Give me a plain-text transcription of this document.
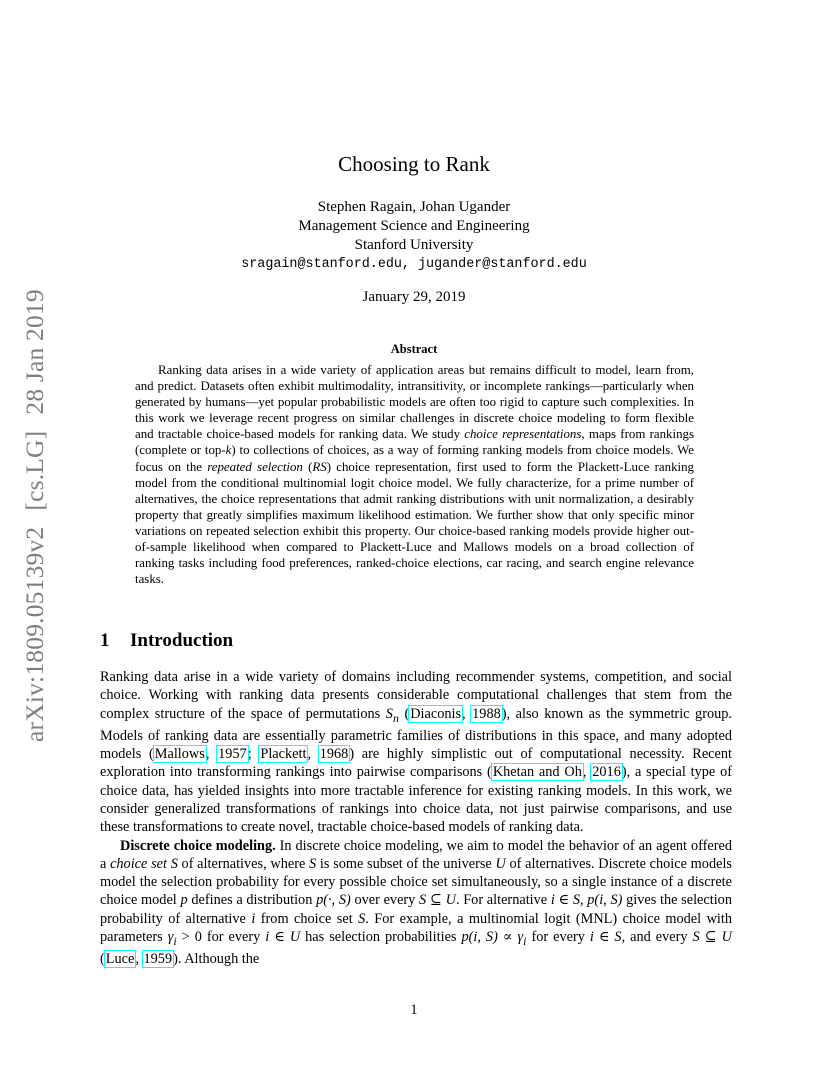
arXiv:1809.05139v2[cs.LG]28 Jan 2019
Choosing to Rank
Stephen Ragain, Johan Ugander
Management Science and Engineering
Stanford University
sragain@stanford.edu, jugander@stanford.edu
January 29, 2019
Abstract

Ranking data arises in a wide variety of application areas but remains difficult to model, learn from, and predict. Datasets often exhibit multimodality, intransitivity, or incomplete rankings—particularly when generated by humans—yet popular probabilistic models are often too rigid to capture such complexities. In this work we leverage recent progress on similar challenges in discrete choice modeling to form flexible and tractable choice-based models for ranking data. We study choice representations, maps from rankings (complete or top-k) to collections of choices, as a way of forming ranking models from choice models. We focus on the repeated selection (RS) choice representation, first used to form the Plackett-Luce ranking model from the conditional multinomial logit choice model. We fully characterize, for a prime number of alternatives, the choice representations that admit ranking distributions with unit normalization, a desirably property that greatly simplifies maximum likelihood estimation. We further show that only specific minor variations on repeated selection exhibit this property. Our choice-based ranking models provide higher out-of-sample likelihood when compared to Plackett-Luce and Mallows models on a broad collection of ranking tasks including food preferences, ranked-choice elections, car racing, and search engine relevance tasks.

1 Introduction

Ranking data arise in a wide variety of domains including recommender systems, competition, and social choice. Working with ranking data presents considerable computational challenges that stem from the complex structure of the space of permutations $S_n$ (Diaconis, 1988), also known as the symmetric group. Models of ranking data are essentially parametric families of distributions in this space, and many adopted models (Mallows, 1957; Plackett, 1968) are highly simplistic out of computational necessity. Recent exploration into transforming rankings into pairwise comparisons (Khetan and Oh, 2016), a special type of choice data, has yielded insights into more tractable inference for existing ranking models. In this work, we consider generalized transformations of rankings into choice data, not just pairwise comparisons, and use these transformations to create novel, tractable choice-based models of ranking data.

Discrete choice modeling. In discrete choice modeling, we aim to model the behavior of an agent offered a choice set S of alternatives, where S is some subset of the universe U of alternatives. Discrete choice models model the selection probability for every possible choice set simultaneously, so a single instance of a discrete choice model p defines a distribution p(·, S) over every S ⊆ U. For alternative i ∈ S, p(i, S) gives the selection probability of alternative i from choice set S. For example, a multinomial logit (MNL) choice model with parameters $\gamma_i > 0$ for every i ∈ U has selection probabilities p(i, $S) \propto \gamma_i$ for every i ∈ S, and every S ⊆ U (Luce, 1959). Although the

1
